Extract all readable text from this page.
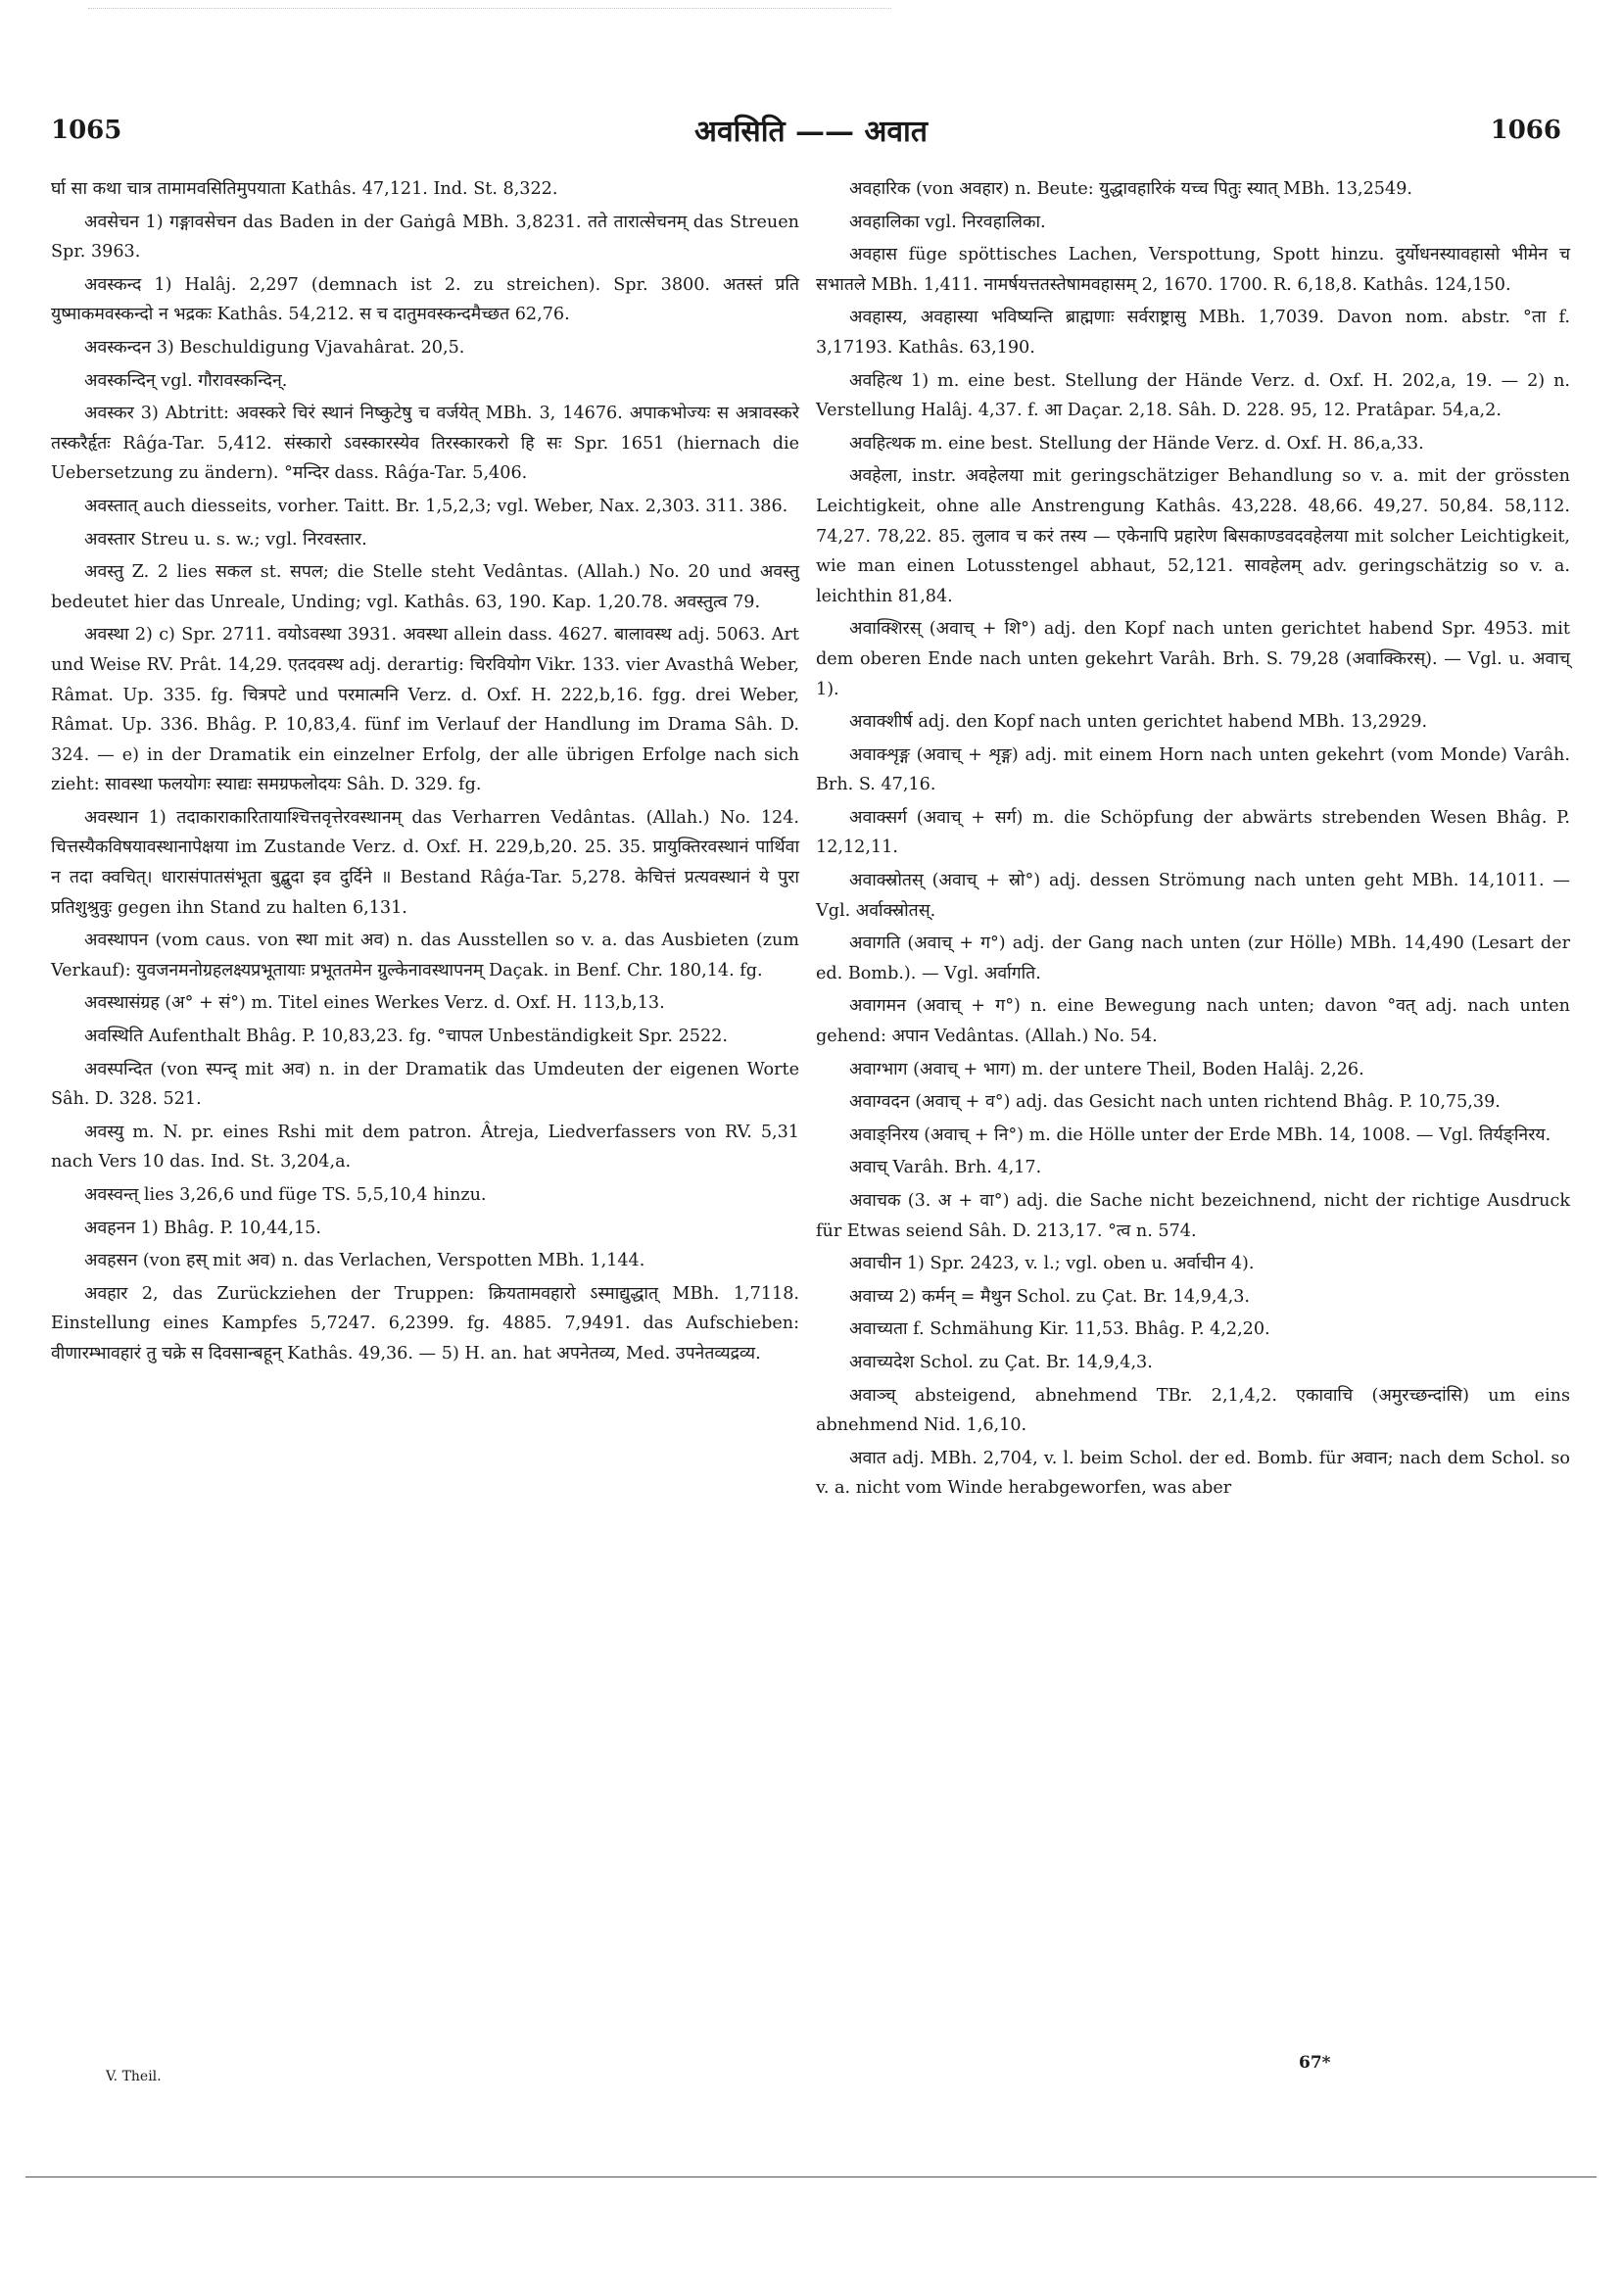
1065	अवसिति —— अवात	1066

र्घा सा कथा चात्र तामामवसितिमुपयाता Kathâs. 47,121. Ind. St. 8,322.

अवसेचन 1) गङ्गावसेचन das Baden in der Gaṅgâ MBh. 3,8231. तते तारात्सेचनम् das Streuen Spr. 3963.

अवस्कन्द 1) Halâj. 2,297 (demnach ist 2. zu streichen). Spr. 3800. अतस्तं प्रति युष्माकमवस्कन्दो न भद्रकः Kathâs. 54,212. स च दातुमवस्कन्दमैच्छत 62,76.

अवस्कन्दन 3) Beschuldigung Vjavahârat. 20,5.

अवस्कन्दिन् vgl. गौरावस्कन्दिन्.

अवस्कर 3) Abtritt: अवस्करे चिरं स्थानं निष्कुटेषु च वर्जयेत् MBh. 3, 14676. अपाकभोज्यः स अत्रावस्करे तस्करैर्हृतः Râǵa-Tar. 5,412. संस्कारो ऽवस्कारस्येव तिरस्कारकरो हि सः Spr. 1651 (hiernach die Uebersetzung zu ändern). °मन्दिर dass. Râǵa-Tar. 5,406.

अवस्तात् auch diesseits, vorher. Taitt. Br. 1,5,2,3; vgl. Weber, Nax. 2,303. 311. 386.

अवस्तार Streu u. s. w.; vgl. निरवस्तार.

अवस्तु Z. 2 lies सकल st. सपल; die Stelle steht Vedântas. (Allah.) No. 20 und अवस्तु bedeutet hier das Unreale, Unding; vgl. Kathâs. 63, 190. Kap. 1,20.78. अवस्तुत्व 79.

अवस्था 2) c) Spr. 2711. वयोऽवस्था 3931. अवस्था allein dass. 4627. बालावस्थ adj. 5063. Art und Weise RV. Prât. 14,29. एतदवस्थ adj. derartig: चिरवियोग Vikr. 133. vier Avasthâ Weber, Râmat. Up. 335. fg. चित्रपटे und परमात्मनि Verz. d. Oxf. H. 222,b,16. fgg. drei Weber, Râmat. Up. 336. Bhâg. P. 10,83,4. fünf im Verlauf der Handlung im Drama Sâh. D. 324. — e) in der Dramatik ein einzelner Erfolg, der alle übrigen Erfolge nach sich zieht: सावस्था फलयोगः स्याद्यः समग्रफलोदयः Sâh. D. 329. fg.

अवस्थान 1) तदाकाराकारितायाश्चित्तवृत्तेरवस्थानम् das Verharren Vedântas. (Allah.) No. 124. चित्तस्यैकविषयावस्थानापेक्षया im Zustande Verz. d. Oxf. H. 229,b,20. 25. 35. प्रायुक्तिरवस्थानं पार्थिवा न तदा क्वचित्। धारासंपातसंभूता बुद्बुदा इव दुर्दिने ॥ Bestand Râǵa-Tar. 5,278. केचित्तं प्रत्यवस्थानं ये पुरा प्रतिशुश्रुवुः gegen ihn Stand zu halten 6,131.

अवस्थापन (vom caus. von स्था mit अव) n. das Ausstellen so v. a. das Ausbieten (zum Verkauf): युवजनमनोग्रहलक्ष्यप्रभूतायाः प्रभूततमेन ग्रुल्केनावस्थापनम् Daçak. in Benf. Chr. 180,14. fg.

अवस्थासंग्रह (अ° + सं°) m. Titel eines Werkes Verz. d. Oxf. H. 113,b,13.

अवस्थिति Aufenthalt Bhâg. P. 10,83,23. fg. °चापल Unbeständigkeit Spr. 2522.

अवस्पन्दित (von स्पन्द् mit अव) n. in der Dramatik das Umdeuten der eigenen Worte Sâh. D. 328. 521.

अवस्यु m. N. pr. eines Rshi mit dem patron. Âtreja, Liedverfassers von RV. 5,31 nach Vers 10 das. Ind. St. 3,204,a.

अवस्वन्त् lies 3,26,6 und füge TS. 5,5,10,4 hinzu.

अवहनन 1) Bhâg. P. 10,44,15.

अवहसन (von हस् mit अव) n. das Verlachen, Verspotten MBh. 1,144.

अवहार 2, das Zurückziehen der Truppen: क्रियतामवहारो ऽस्माद्युद्धात् MBh. 1,7118. Einstellung eines Kampfes 5,7247. 6,2399. fg. 4885. 7,9491. das Aufschieben: वीणारम्भावहारं तु चक्रे स दिवसान्बहून् Kathâs. 49,36. — 5) H. an. hat अपनेतव्य, Med. उपनेतव्यद्रव्य.

अवहारिक (von अवहार) n. Beute: युद्धावहारिकं यच्च पितुः स्यात् MBh. 13,2549.

अवहालिका vgl. निरवहालिका.

अवहास füge spöttisches Lachen, Verspottung, Spott hinzu. दुर्योधनस्यावहासो भीमेन च सभातले MBh. 1,411. नामर्षयत्ततस्तेषामवहासम् 2, 1670. 1700. R. 6,18,8. Kathâs. 124,150.

अवहास्य, अवहास्या भविष्यन्ति ब्राह्मणाः सर्वराष्ट्रासु MBh. 1,7039. Davon nom. abstr. °ता f. 3,17193. Kathâs. 63,190.

अवहित्थ 1) m. eine best. Stellung der Hände Verz. d. Oxf. H. 202,a, 19. — 2) n. Verstellung Halâj. 4,37. f. आ Daçar. 2,18. Sâh. D. 228. 95, 12. Pratâpar. 54,a,2.

अवहित्थक m. eine best. Stellung der Hände Verz. d. Oxf. H. 86,a,33.

अवहेला, instr. अवहेलया mit geringschätziger Behandlung so v. a. mit der grössten Leichtigkeit, ohne alle Anstrengung Kathâs. 43,228. 48,66. 49,27. 50,84. 58,112. 74,27. 78,22. 85. लुलाव च करं तस्य — एकेनापि प्रहारेण बिसकाण्डवदवहेलया mit solcher Leichtigkeit, wie man einen Lotusstengel abhaut, 52,121. सावहेलम् adv. geringschätzig so v. a. leichthin 81,84.

अवाक्शिरस् (अवाच् + शि°) adj. den Kopf nach unten gerichtet habend Spr. 4953. mit dem oberen Ende nach unten gekehrt Varâh. Brh. S. 79,28 (अवाक्किरस्). — Vgl. u. अवाच् 1).

अवाक्शीर्ष adj. den Kopf nach unten gerichtet habend MBh. 13,2929.

अवाक्शृङ्ग (अवाच् + शृङ्ग) adj. mit einem Horn nach unten gekehrt (vom Monde) Varâh. Brh. S. 47,16.

अवाक्सर्ग (अवाच् + सर्ग) m. die Schöpfung der abwärts strebenden Wesen Bhâg. P. 12,12,11.

अवाक्स्रोतस् (अवाच् + स्रो°) adj. dessen Strömung nach unten geht MBh. 14,1011. — Vgl. अर्वाक्स्रोतस्.

अवागति (अवाच् + ग°) adj. der Gang nach unten (zur Hölle) MBh. 14,490 (Lesart der ed. Bomb.). — Vgl. अर्वागति.

अवागमन (अवाच् + ग°) n. eine Bewegung nach unten; davon °वत् adj. nach unten gehend: अपान Vedântas. (Allah.) No. 54.

अवाग्भाग (अवाच् + भाग) m. der untere Theil, Boden Halâj. 2,26.

अवाग्वदन (अवाच् + व°) adj. das Gesicht nach unten richtend Bhâg. P. 10,75,39.

अवाङ्निरय (अवाच् + नि°) m. die Hölle unter der Erde MBh. 14, 1008. — Vgl. तिर्यङ्निरय.

अवाच् Varâh. Brh. 4,17.

अवाचक (3. अ + वा°) adj. die Sache nicht bezeichnend, nicht der richtige Ausdruck für Etwas seiend Sâh. D. 213,17. °त्व n. 574.

अवाचीन 1) Spr. 2423, v. l.; vgl. oben u. अर्वाचीन 4).

अवाच्य 2) कर्मन् = मैथुन Schol. zu Çat. Br. 14,9,4,3.

अवाच्यता f. Schmähung Kir. 11,53. Bhâg. P. 4,2,20.

अवाच्यदेश Schol. zu Çat. Br. 14,9,4,3.

अवाञ्च् absteigend, abnehmend TBr. 2,1,4,2. एकावाचि (अमुरच्छन्दांसि) um eins abnehmend Nid. 1,6,10.

अवात adj. MBh. 2,704, v. l. beim Schol. der ed. Bomb. für अवान; nach dem Schol. so v. a. nicht vom Winde herabgeworfen, was aber

V. Theil.
67*
